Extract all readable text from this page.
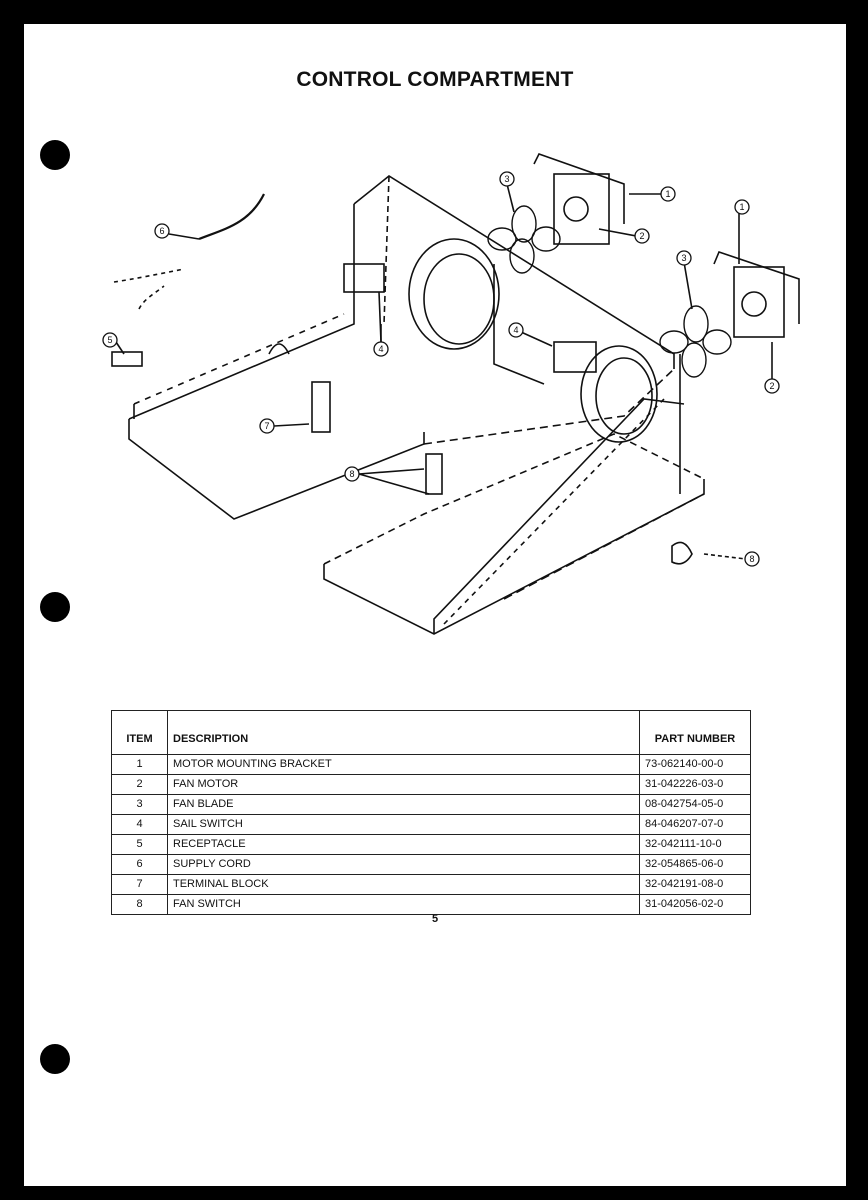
CONTROL COMPARTMENT
1
1
2
2
3
3
4
4
5
6
7
8
8
ITEM	DESCRIPTION	PART NUMBER
1	MOTOR MOUNTING BRACKET	73-062140-00-0
2	FAN MOTOR	31-042226-03-0
3	FAN BLADE	08-042754-05-0
4	SAIL SWITCH	84-046207-07-0
5	RECEPTACLE	32-042111-10-0
6	SUPPLY CORD	32-054865-06-0
7	TERMINAL BLOCK	32-042191-08-0
8	FAN SWITCH	31-042056-02-0
5
